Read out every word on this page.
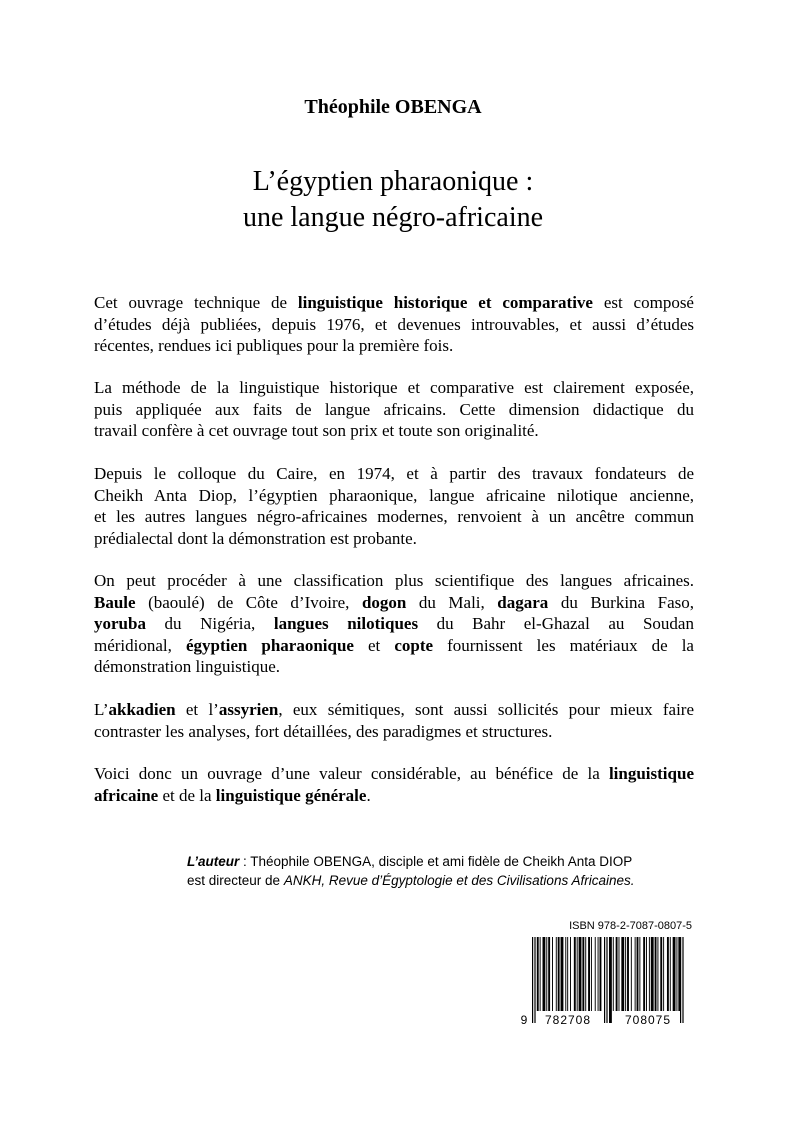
Théophile OBENGA
L’égyptien pharaonique :
une langue négro-africaine
Cet ouvrage technique de linguistique historique et comparative est composé
d’études déjà publiées, depuis 1976, et devenues introuvables, et aussi d’études
récentes, rendues ici publiques pour la première fois.
La méthode de la linguistique historique et comparative est clairement exposée,
puis appliquée aux faits de langue africains. Cette dimension didactique du
travail confère à cet ouvrage tout son prix et toute son originalité.
Depuis le colloque du Caire, en 1974, et à partir des travaux fondateurs de
Cheikh Anta Diop, l’égyptien pharaonique, langue africaine nilotique ancienne,
et les autres langues négro-africaines modernes, renvoient à un ancêtre commun
prédialectal dont la démonstration est probante.
On peut procéder à une classification plus scientifique des langues africaines.
Baule (baoulé) de Côte d’Ivoire, dogon du Mali, dagara du Burkina Faso,
yoruba du Nigéria, langues nilotiques du Bahr el-Ghazal au Soudan
méridional, égyptien pharaonique et copte fournissent les matériaux de la
démonstration linguistique.
L’akkadien et l’assyrien, eux sémitiques, sont aussi sollicités pour mieux faire
contraster les analyses, fort détaillées, des paradigmes et structures.
Voici donc un ouvrage d’une valeur considérable, au bénéfice de la linguistique
africaine et de la linguistique générale.
L’auteur : Théophile OBENGA, disciple et ami fidèle de Cheikh Anta DIOP
est directeur de ANKH, Revue d’Égyptologie et des Civilisations Africaines.
ISBN 978-2-7087-0807-5
9 782708	708075
